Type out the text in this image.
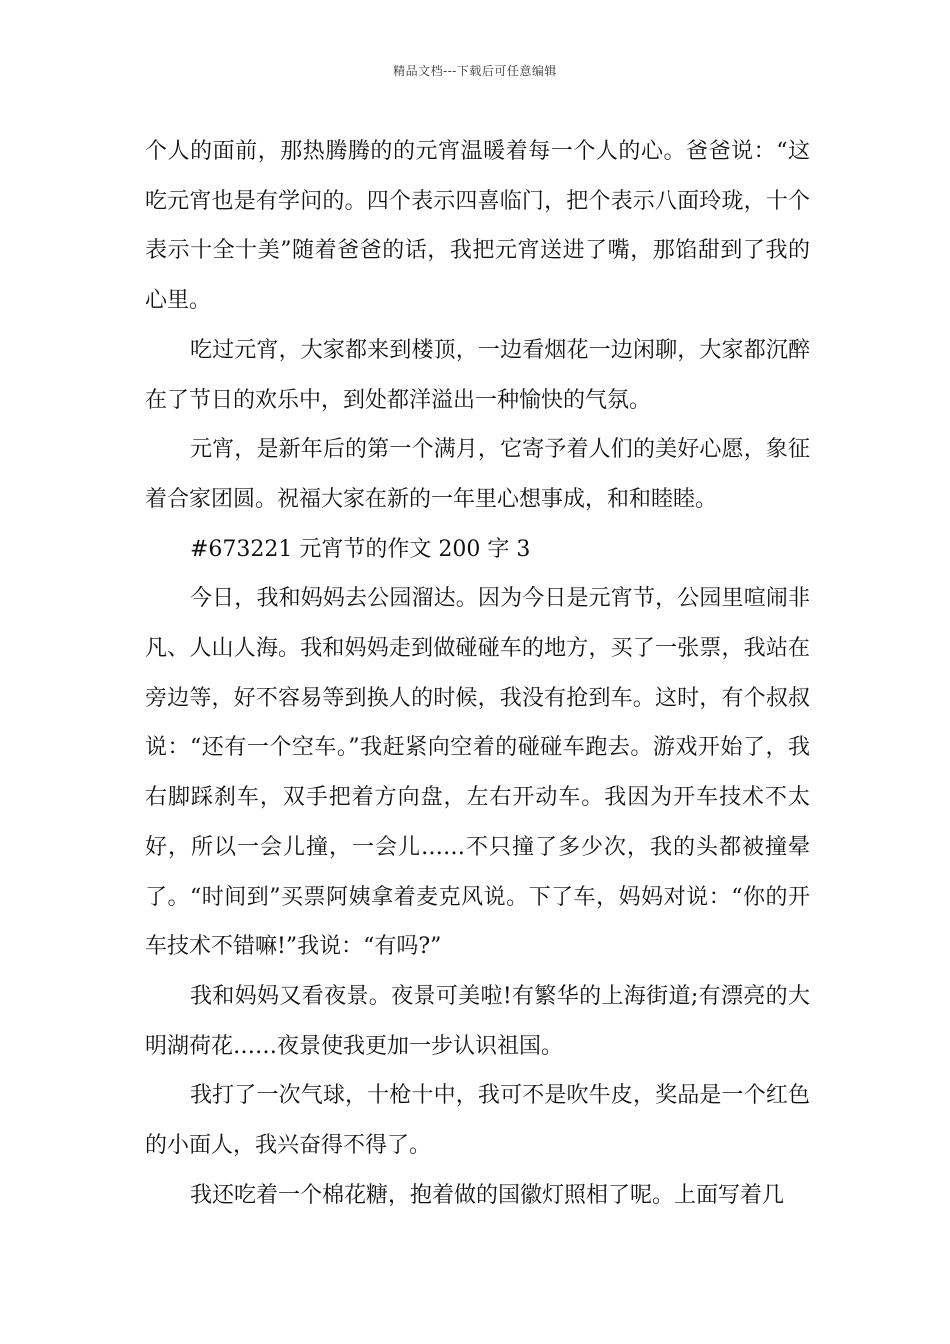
精品文档---下载后可任意编辑

个人的面前，那热腾腾的的元宵温暖着每一个人的心。爸爸说：“这吃元宵也是有学问的。四个表示四喜临门，把个表示八面玲珑，十个表示十全十美”随着爸爸的话，我把元宵送进了嘴，那馅甜到了我的心里。

吃过元宵，大家都来到楼顶，一边看烟花一边闲聊，大家都沉醉在了节日的欢乐中，到处都洋溢出一种愉快的气氛。

元宵，是新年后的第一个满月，它寄予着人们的美好心愿，象征着合家团圆。祝福大家在新的一年里心想事成，和和睦睦。

#673221 元宵节的作文 200 字 3

今日，我和妈妈去公园溜达。因为今日是元宵节，公园里喧闹非凡、人山人海。我和妈妈走到做碰碰车的地方，买了一张票，我站在旁边等，好不容易等到换人的时候，我没有抢到车。这时，有个叔叔说：“还有一个空车。”我赶紧向空着的碰碰车跑去。游戏开始了，我右脚踩刹车，双手把着方向盘，左右开动车。我因为开车技术不太好，所以一会儿撞，一会儿……不只撞了多少次，我的头都被撞晕了。“时间到”买票阿姨拿着麦克风说。下了车，妈妈对说：“你的开车技术不错嘛!”我说：“有吗?”

我和妈妈又看夜景。夜景可美啦!有繁华的上海街道;有漂亮的大明湖荷花……夜景使我更加一步认识祖国。

我打了一次气球，十枪十中，我可不是吹牛皮，奖品是一个红色的小面人，我兴奋得不得了。

我还吃着一个棉花糖，抱着做的国徽灯照相了呢。上面写着几
